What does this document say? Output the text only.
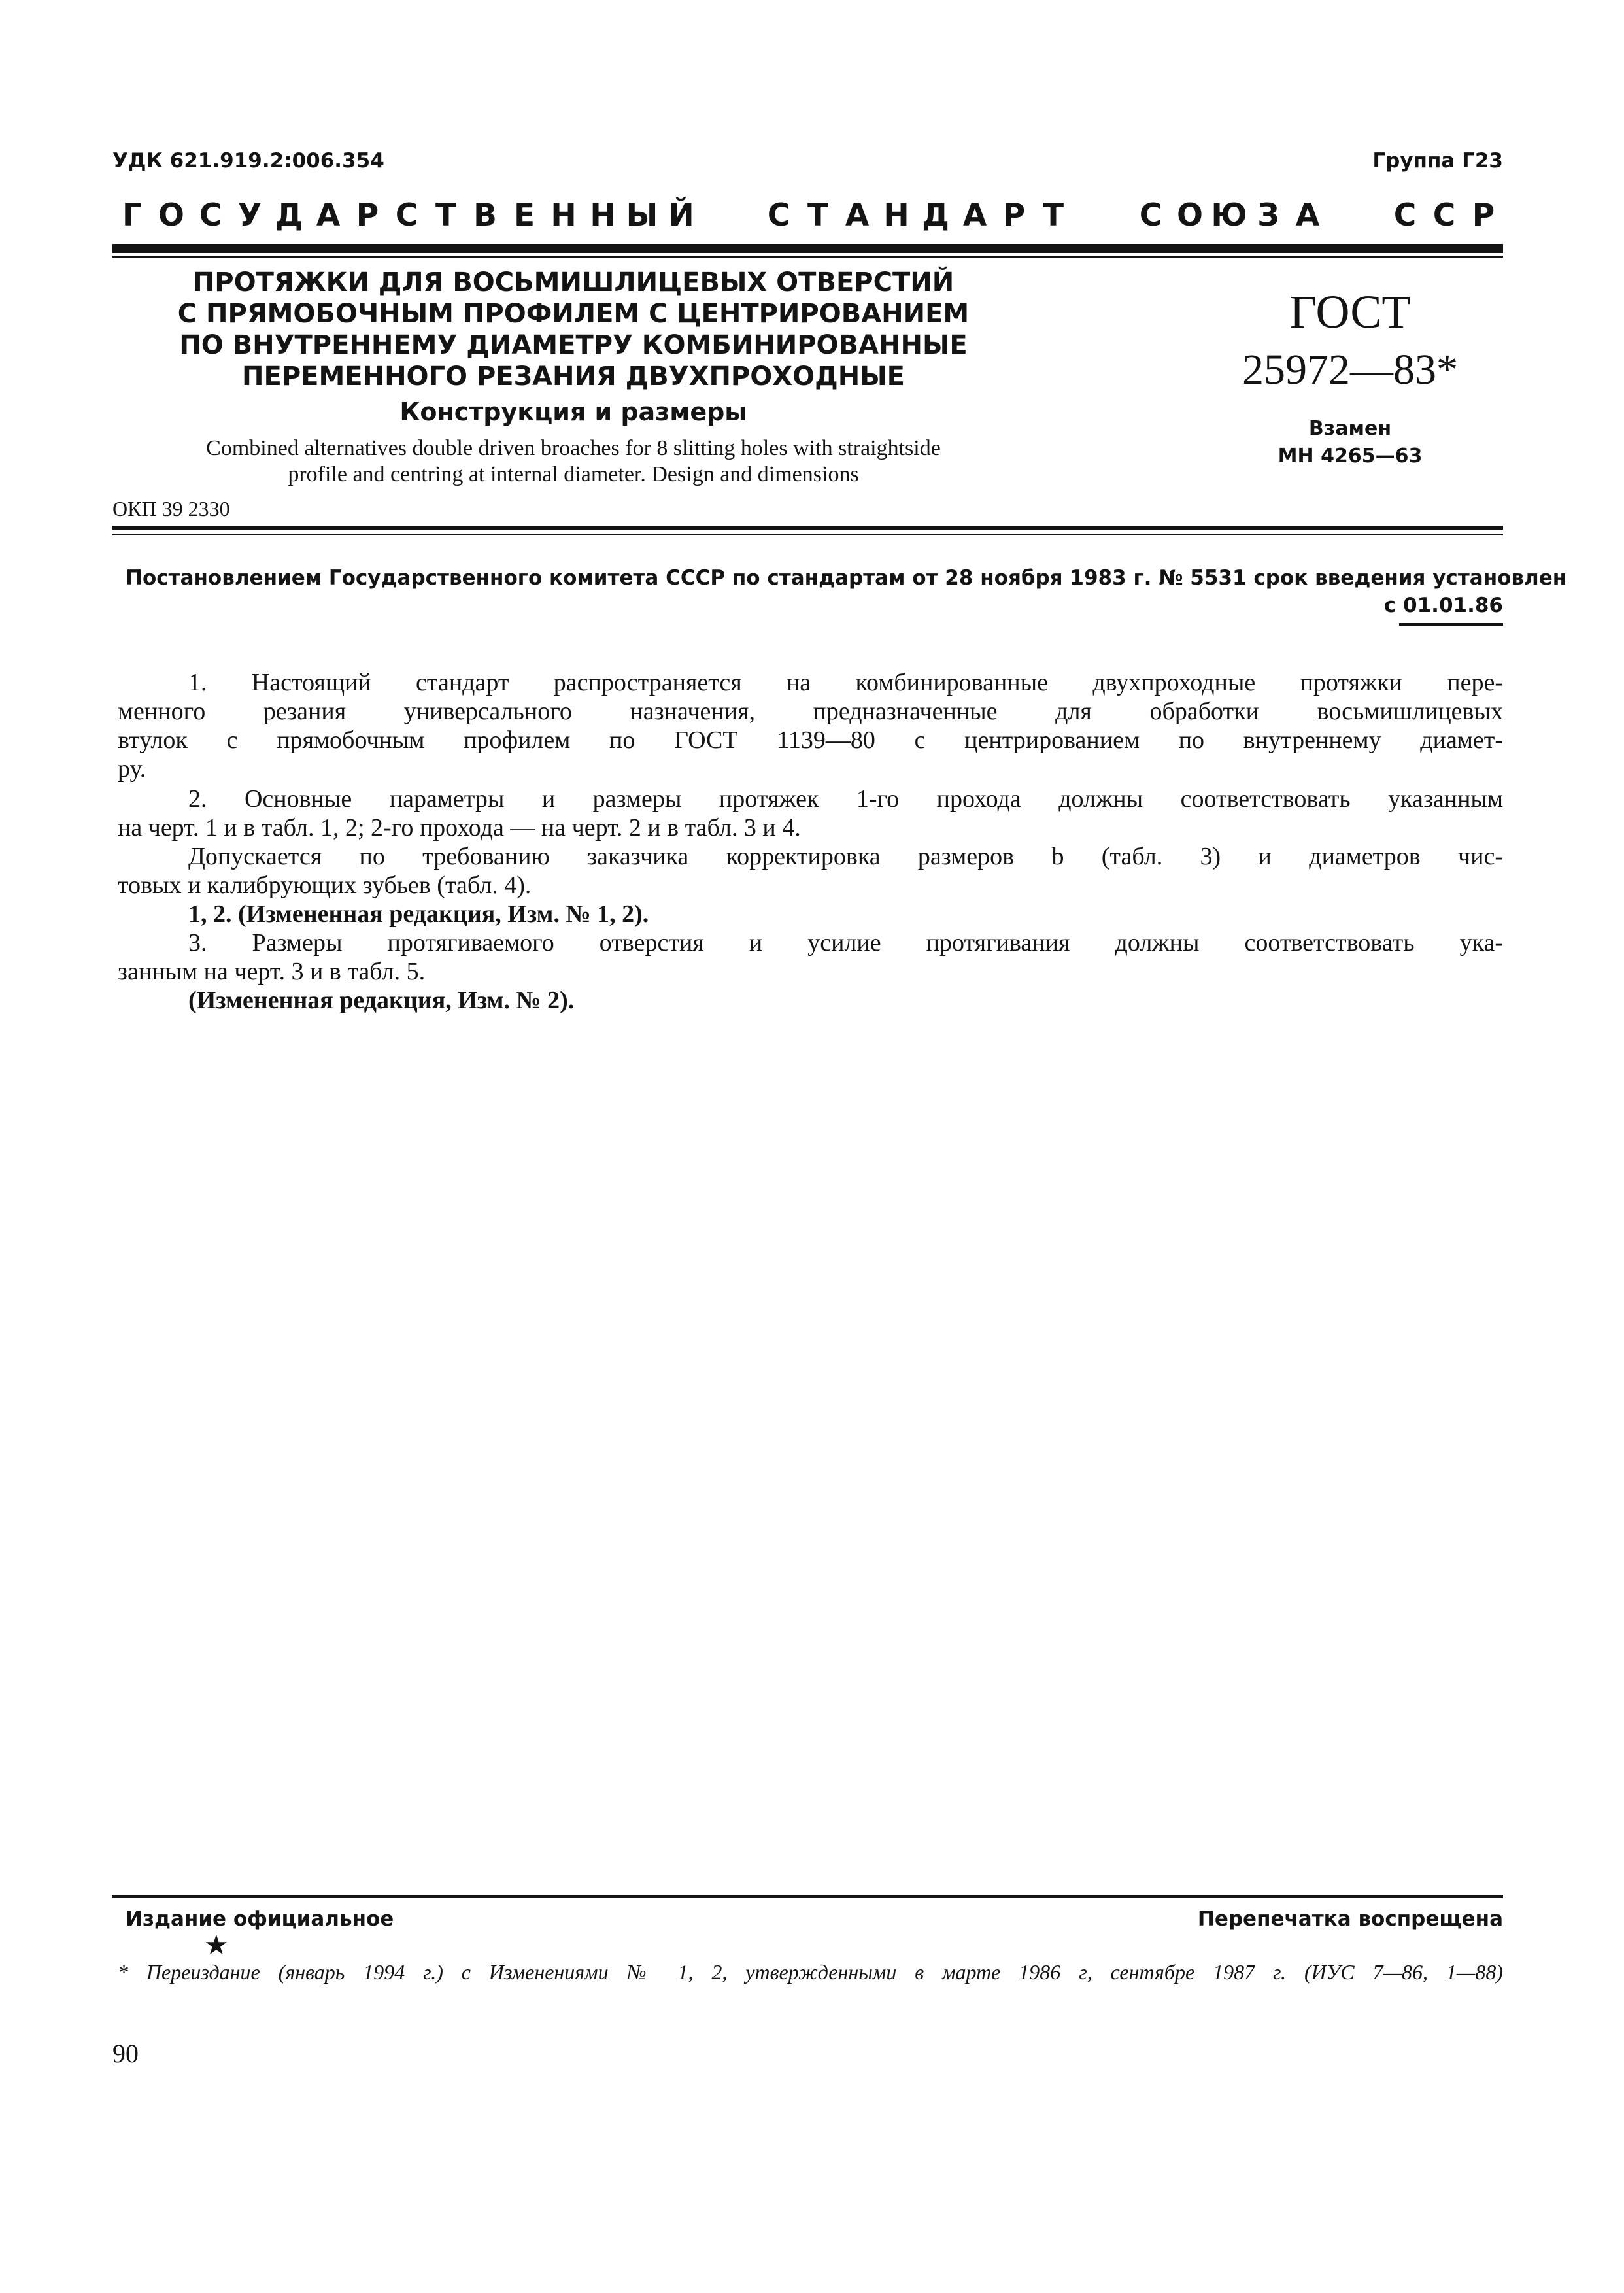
УДК 621.919.2:006.354	Группа Г23
Г О С У Д А Р С Т В Е Н Н Ы Й С Т А Н Д А Р Т С О Ю З А С С Р
ПРОТЯЖКИ ДЛЯ ВОСЬМИШЛИЦЕВЫХ ОТВЕРСТИЙ
С ПРЯМОБОЧНЫМ ПРОФИЛЕМ С ЦЕНТРИРОВАНИЕМ
ПО ВНУТРЕННЕМУ ДИАМЕТРУ КОМБИНИРОВАННЫЕ
ПЕРЕМЕННОГО РЕЗАНИЯ ДВУХПРОХОДНЫЕ
Конструкция и размеры
Combined alternatives double driven broaches for 8 slitting holes with straightside
profile and centring at internal diameter. Design and dimensions
ОКП 39 2330
ГОСТ
25972—83*
Взамен
МН 4265—63
Постановлением Государственного комитета СССР по стандартам от 28 ноября 1983 г. № 5531 срок введения установлен
с 01.01.86
1. Настоящий стандарт распространяется на комбинированные двухпроходные протяжки пере-
менного резания универсального назначения, предназначенные для обработки восьмишлицевых
втулок с прямобочным профилем по ГОСТ 1139—80 с центрированием по внутреннему диамет-
ру.
2. Основные параметры и размеры протяжек 1-го прохода должны соответствовать указанным
на черт. 1 и в табл. 1, 2; 2-го прохода — на черт. 2 и в табл. 3 и 4.
Допускается по требованию заказчика корректировка размеров b (табл. 3) и диаметров чис-
товых и калибрующих зубьев (табл. 4).
1, 2. (Измененная редакция, Изм. № 1, 2).
3. Размеры протягиваемого отверстия и усилие протягивания должны соответствовать ука-
занным на черт. 3 и в табл. 5.
(Измененная редакция, Изм. № 2).
Издание официальное	Перепечатка воспрещена
★
* Переиздание (январь 1994 г.) с Изменениями № 1, 2, утвержденными в марте 1986 г, сентябре 1987 г. (ИУС 7—86, 1—88)
90
